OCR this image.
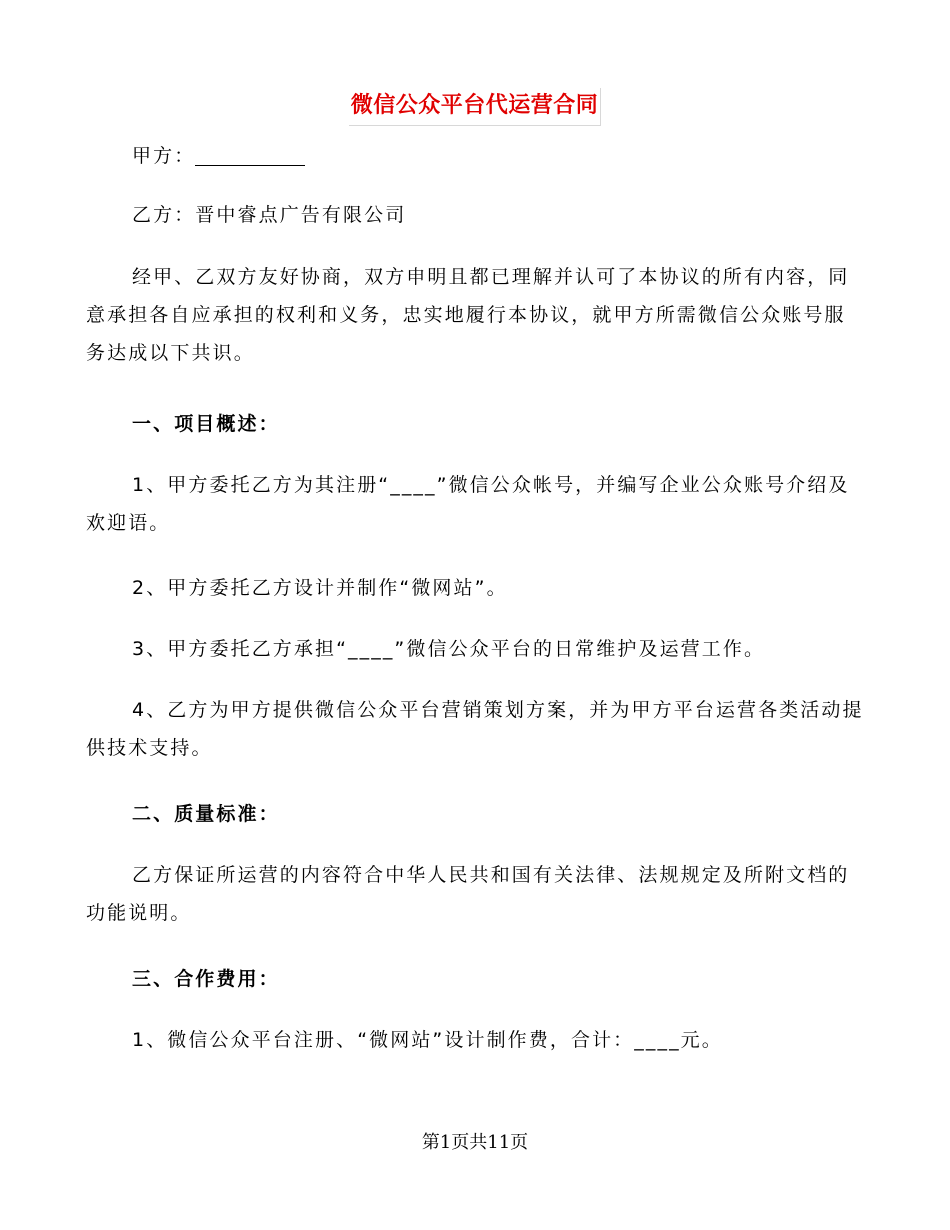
微信公众平台代运营合同

甲方：

乙方：晋中睿点广告有限公司

经甲、乙双方友好协商，双方申明且都已理解并认可了本协议的所有内容，同意承担各自应承担的权利和义务，忠实地履行本协议，就甲方所需微信公众账号服务达成以下共识。

一、项目概述：

1、甲方委托乙方为其注册“____”微信公众帐号，并编写企业公众账号介绍及欢迎语。

2、甲方委托乙方设计并制作“微网站”。

3、甲方委托乙方承担“____”微信公众平台的日常维护及运营工作。

4、乙方为甲方提供微信公众平台营销策划方案，并为甲方平台运营各类活动提供技术支持。

二、质量标准：

乙方保证所运营的内容符合中华人民共和国有关法律、法规规定及所附文档的功能说明。

三、合作费用：

1、微信公众平台注册、“微网站”设计制作费，合计：____元。

第1页共11页
